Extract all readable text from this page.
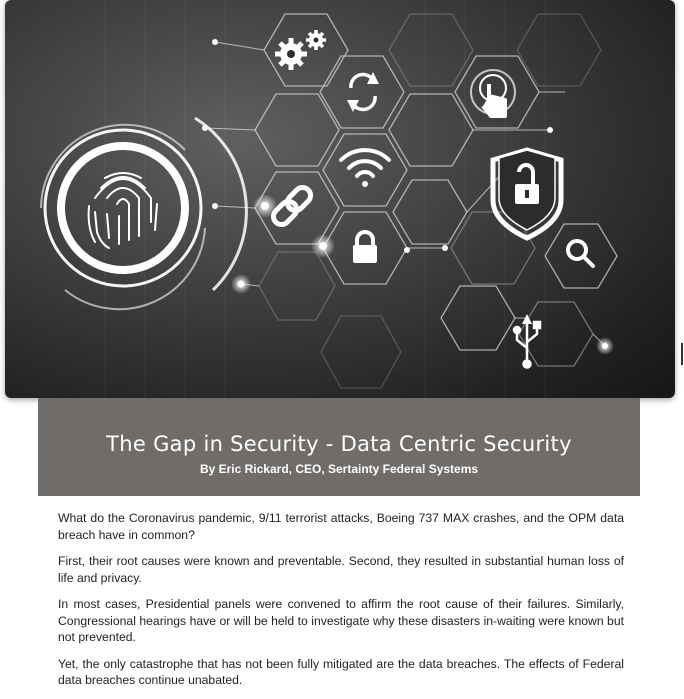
The Gap in Security - Data Centric Security
By Eric Rickard, CEO, Sertainty Federal Systems

What do the Coronavirus pandemic, 9/11 terrorist attacks, Boeing 737 MAX crashes, and the OPM data breach have in common?

First, their root causes were known and preventable. Second, they resulted in substantial human loss of life and privacy.

In most cases, Presidential panels were convened to affirm the root cause of their failures. Similarly, Congressional hearings have or will be held to investigate why these disasters in-waiting were known but not prevented.

Yet, the only catastrophe that has not been fully mitigated are the data breaches. The effects of Federal data breaches continue unabated.
